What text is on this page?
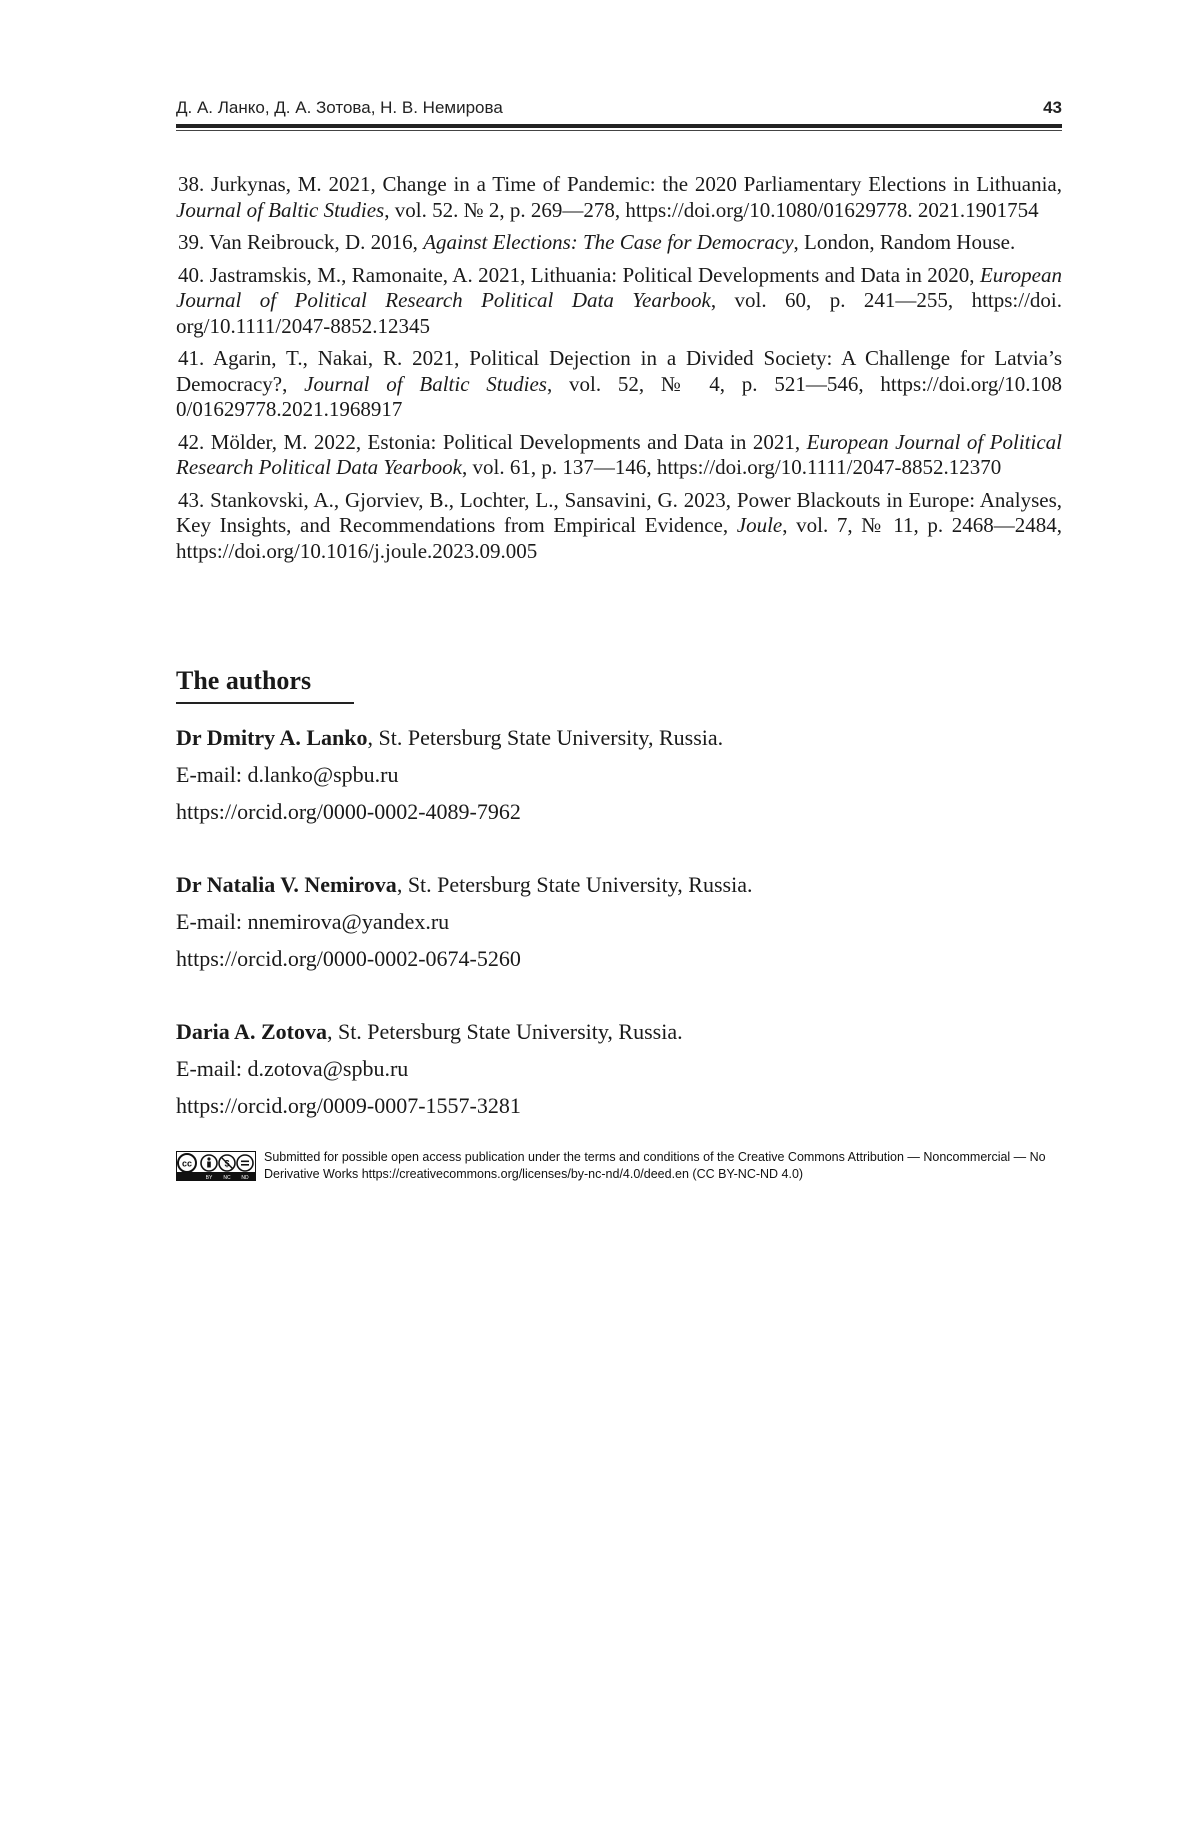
Д. А. Ланко, Д. А. Зотова, Н. В. Немирова	43

38. Jurkynas, M. 2021, Change in a Time of Pandemic: the 2020 Parliamentary Elections in Lithuania, Journal of Baltic Studies, vol. 52. № 2, p. 269—278, https://doi.org/10.1080/01629778. 2021.1901754

39. Van Reibrouck, D. 2016, Against Elections: The Case for Democracy, London, Random House.

40. Jastramskis, M., Ramonaite, A. 2021, Lithuania: Political Developments and Data in 2020, European Journal of Political Research Political Data Yearbook, vol. 60, p. 241—255, https://doi. org/10.1111/2047-8852.12345

41. Agarin, T., Nakai, R. 2021, Political Dejection in a Divided Society: A Challenge for Latvia’s Democracy?, Journal of Baltic Studies, vol. 52, № 4, p. 521—546, https://doi.org/10.108 0/01629778.2021.1968917

42. Mölder, M. 2022, Estonia: Political Developments and Data in 2021, European Journal of Political Research Political Data Yearbook, vol. 61, p. 137—146, https://doi.org/10.1111/2047-8852.12370

43. Stankovski, A., Gjorviev, B., Lochter, L., Sansavini, G. 2023, Power Blackouts in Europe: Analyses, Key Insights, and Recommendations from Empirical Evidence, Joule, vol. 7, № 11, p. 2468—2484, https://doi.org/10.1016/j.joule.2023.09.005

The authors
Dr Dmitry A. Lanko, St. Petersburg State University, Russia.
E-mail: d.lanko@spbu.ru
https://orcid.org/0000-0002-4089-7962
Dr Natalia V. Nemirova, St. Petersburg State University, Russia.
E-mail: nnemirova@yandex.ru
https://orcid.org/0000-0002-0674-5260
Daria A. Zotova, St. Petersburg State University, Russia.
E-mail: d.zotova@spbu.ru
https://orcid.org/0009-0007-1557-3281
cc
BY NC ND
Submitted for possible open access publication under the terms and conditions of the Creative Commons Attribution — Noncommercial — No Derivative Works https://creativecommons.org/licenses/by-nc-nd/4.0/deed.en (CC BY-NC-ND 4.0)
